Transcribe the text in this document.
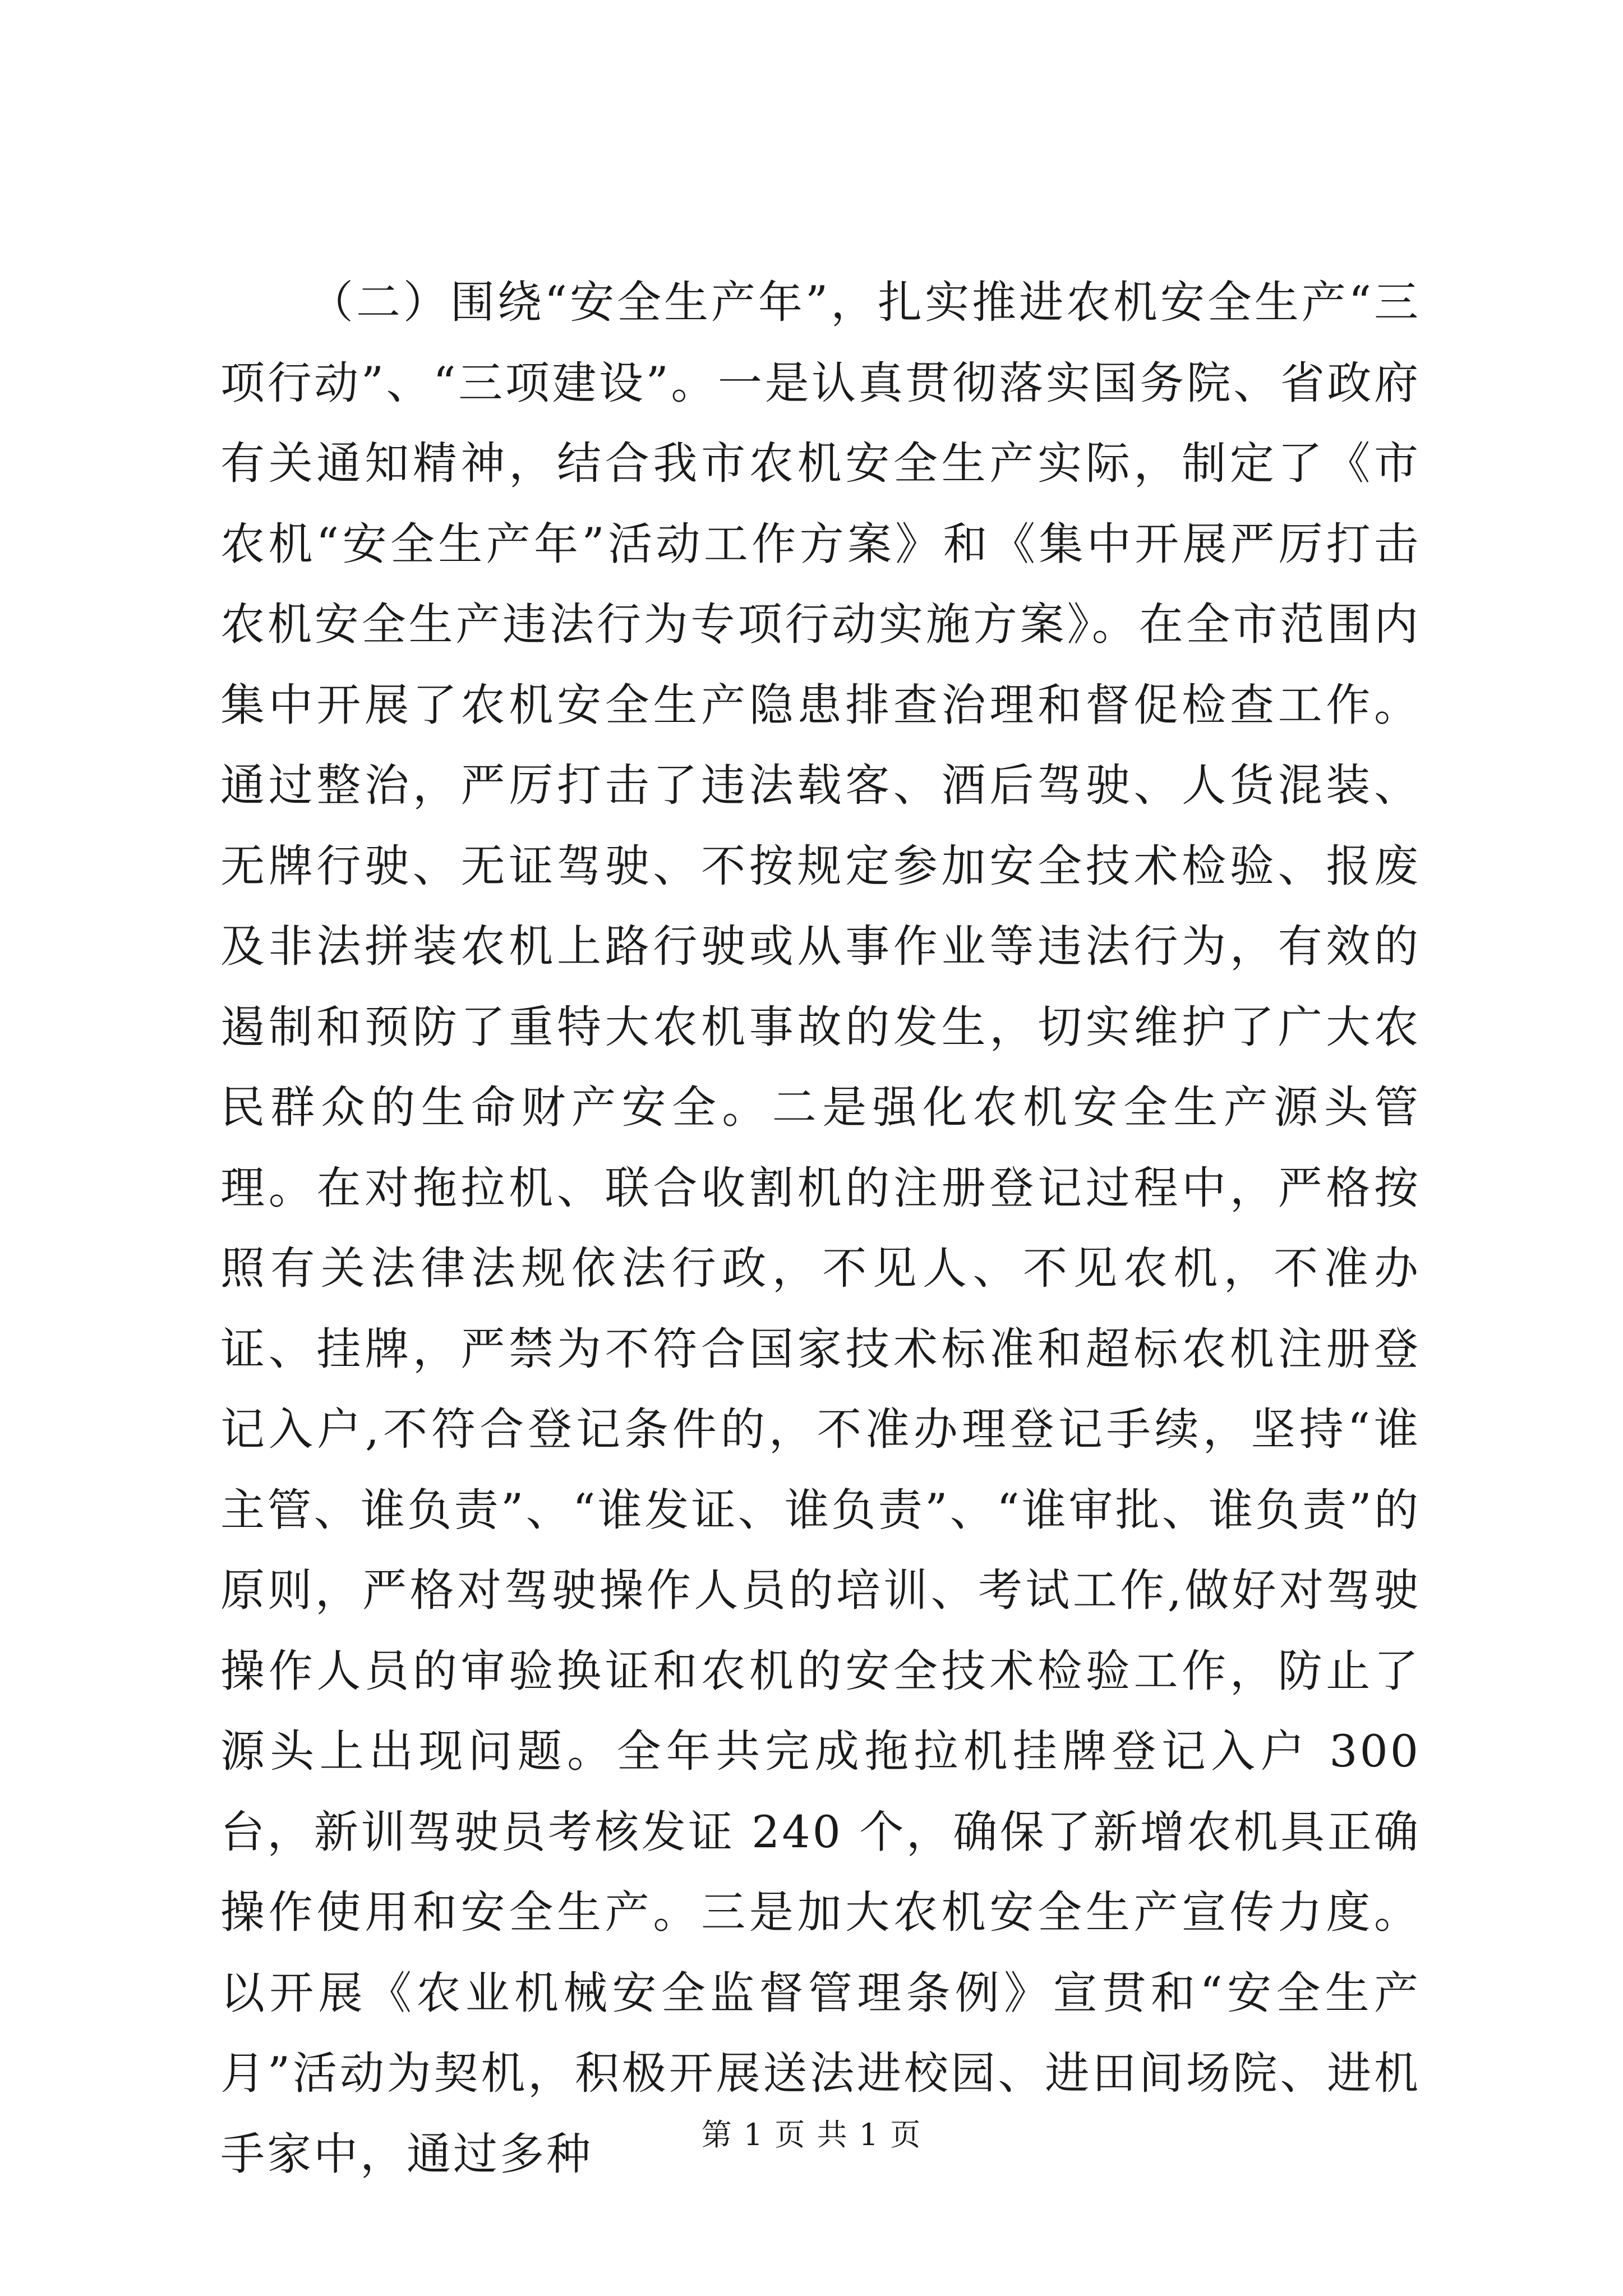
（二）围绕“安全生产年”，扎实推进农机安全生产“三项行动”、“三项建设”。一是认真贯彻落实国务院、省政府有关通知精神，结合我市农机安全生产实际，制定了《市农机“安全生产年”活动工作方案》和《集中开展严厉打击农机安全生产违法行为专项行动实施方案》。在全市范围内集中开展了农机安全生产隐患排查治理和督促检查工作。通过整治，严厉打击了违法载客、酒后驾驶、人货混装、无牌行驶、无证驾驶、不按规定参加安全技术检验、报废及非法拼装农机上路行驶或从事作业等违法行为，有效的遏制和预防了重特大农机事故的发生，切实维护了广大农民群众的生命财产安全。二是强化农机安全生产源头管理。在对拖拉机、联合收割机的注册登记过程中，严格按照有关法律法规依法行政，不见人、不见农机，不准办证、挂牌，严禁为不符合国家技术标准和超标农机注册登记入户,不符合登记条件的，不准办理登记手续，坚持“谁主管、谁负责”、“谁发证、谁负责”、“谁审批、谁负责”的原则，严格对驾驶操作人员的培训、考试工作,做好对驾驶操作人员的审验换证和农机的安全技术检验工作，防止了源头上出现问题。全年共完成拖拉机挂牌登记入户 300 台，新训驾驶员考核发证 240 个，确保了新增农机具正确操作使用和安全生产。三是加大农机安全生产宣传力度。以开展《农业机械安全监督管理条例》宣贯和“安全生产月”活动为契机，积极开展送法进校园、进田间场院、进机手家中，通过多种	第 1 页 共 1 页
